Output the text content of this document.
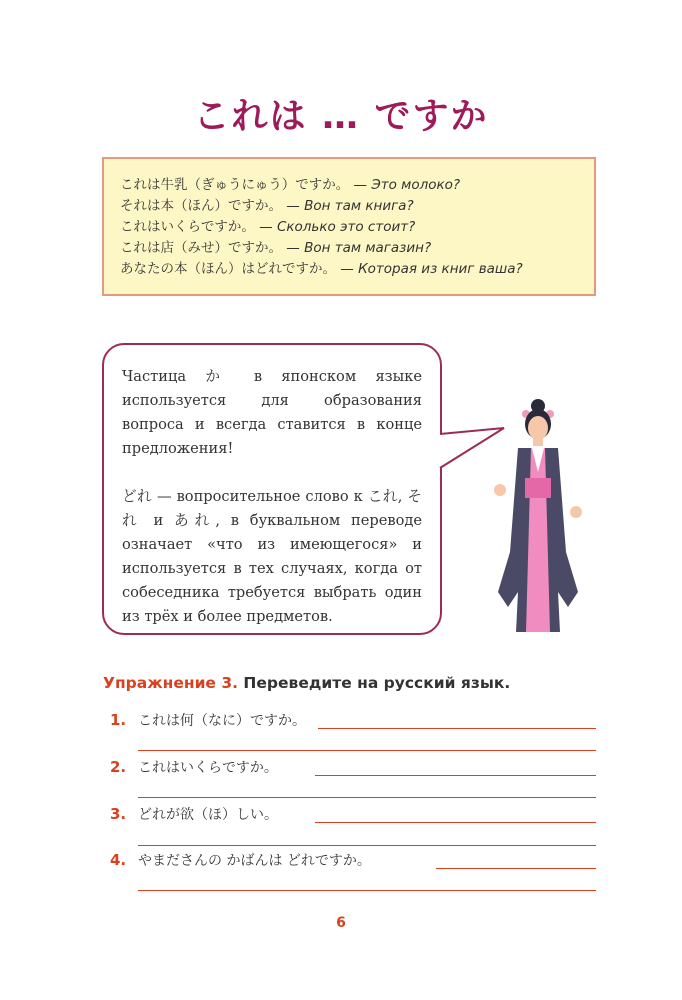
これは … ですか
これは牛乳（ぎゅうにゅう）ですか。 — Это молоко?
それは本（ほん）ですか。 — Вон там книга?
これはいくらですか。 — Сколько это стоит?
これは店（みせ）ですか。 — Вон там магазин?
あなたの本（ほん）はどれですか。 — Которая из книг ваша?

Частица か в японском языке используется для образования вопроса и всегда ставится в конце предложения!

どれ — вопросительное слово к これ, それ и あれ, в буквальном переводе означает «что из имеющегося» и используется в тех случаях, когда от собеседника требуется выбрать один из трёх и более предметов.

Упражнение 3. Переведите на русский язык.
1. これは何（なに）ですか。
2. これはいくらですか。
3. どれが欲（ほ）しい。
4. やまださんの かばんは どれですか。
6
